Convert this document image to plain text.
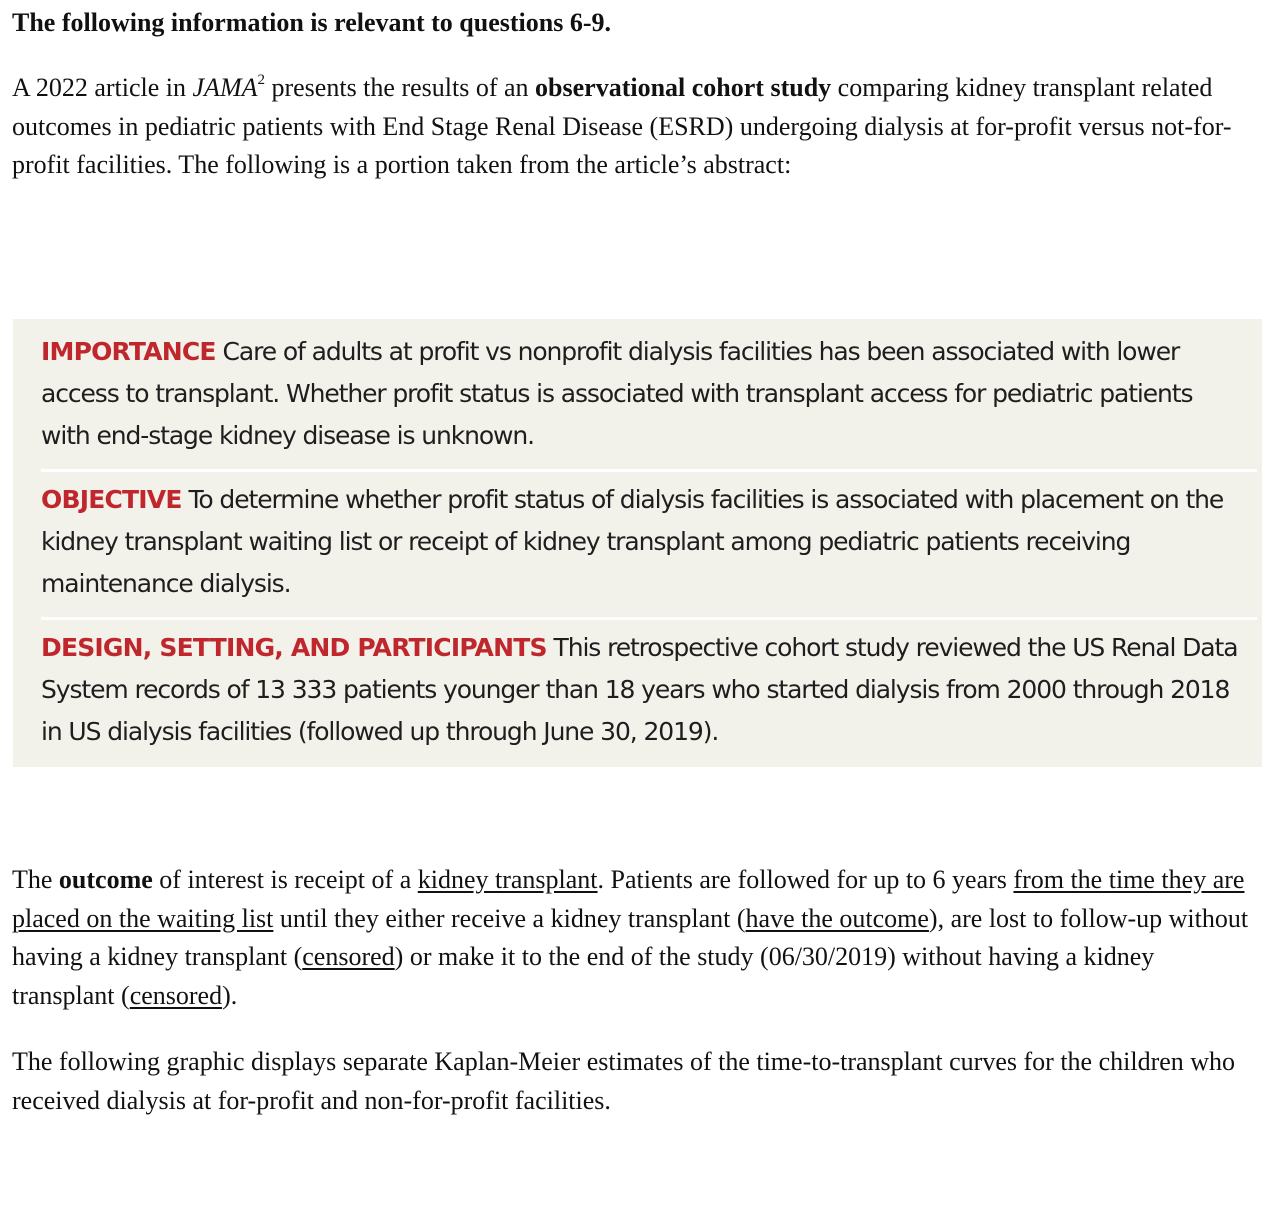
The following information is relevant to questions 6-9.

A 2022 article in JAMA$^2$ presents the results of an observational cohort study comparing kidney transplant related outcomes in pediatric patients with End Stage Renal Disease (ESRD) undergoing dialysis at for-profit versus not-for-profit facilities. The following is a portion taken from the article’s abstract:

IMPORTANCE Care of adults at profit vs nonprofit dialysis facilities has been associated with lower access to transplant. Whether profit status is associated with transplant access for pediatric patients with end-stage kidney disease is unknown.

OBJECTIVE To determine whether profit status of dialysis facilities is associated with placement on the kidney transplant waiting list or receipt of kidney transplant among pediatric patients receiving maintenance dialysis.

DESIGN, SETTING, AND PARTICIPANTS This retrospective cohort study reviewed the US Renal Data System records of 13 333 patients younger than 18 years who started dialysis from 2000 through 2018 in US dialysis facilities (followed up through June 30, 2019).

The outcome of interest is receipt of a kidney transplant. Patients are followed for up to 6 years from the time they are placed on the waiting list until they either receive a kidney transplant (have the outcome), are lost to follow-up without having a kidney transplant (censored) or make it to the end of the study (06/30/2019) without having a kidney transplant (censored).

The following graphic displays separate Kaplan-Meier estimates of the time-to-transplant curves for the children who received dialysis at for-profit and non-for-profit facilities.
